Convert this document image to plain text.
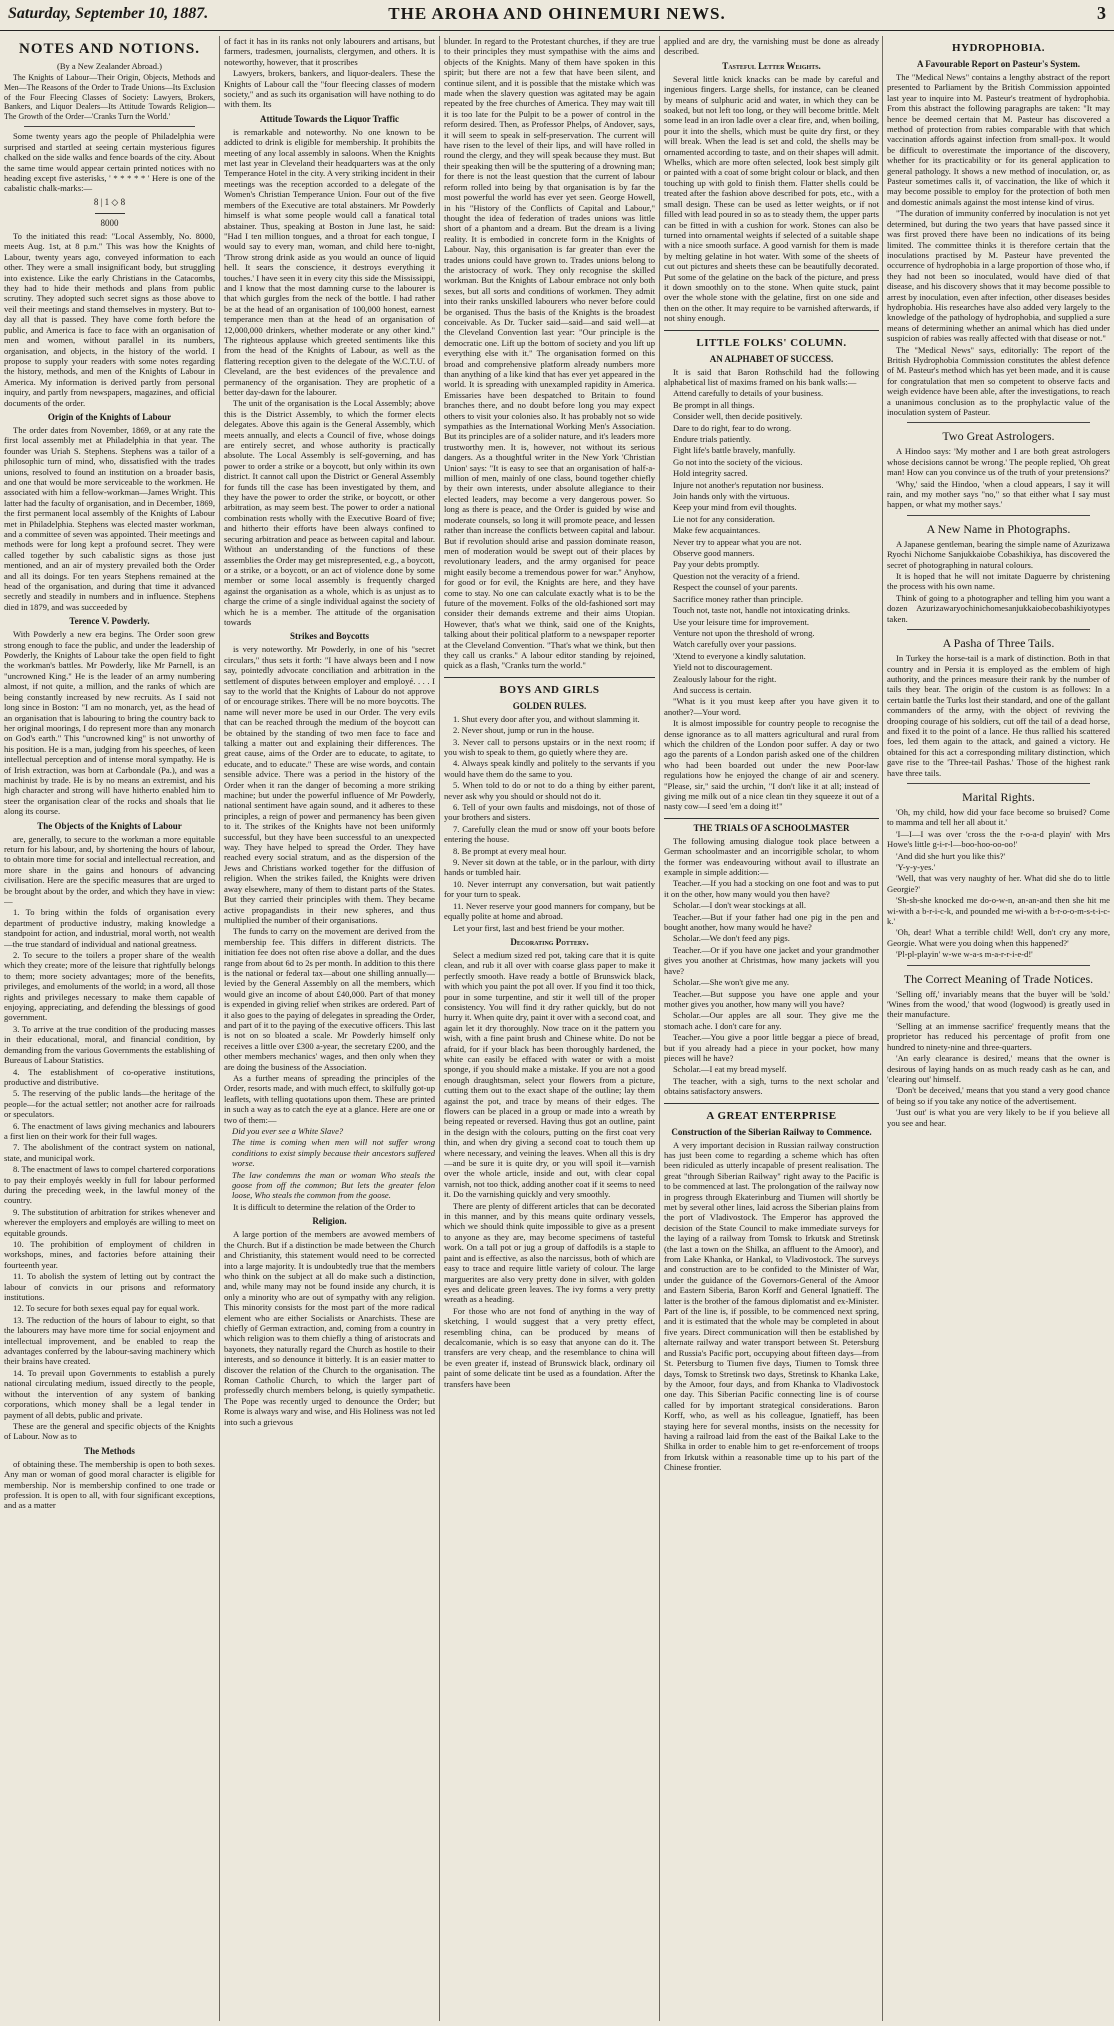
Saturday, September 10, 1887.	THE AROHA AND OHINEMURI NEWS.	3
NOTES AND NOTIONS.
(By a New Zealander Abroad.)
The Knights of Labour—Their Origin, Objects, Methods and Men—The Reasons of the Order to Trade Unions—Its Exclusion of the Four Fleecing Classes of Society: Lawyers, Brokers, Bankers, and Liquor Dealers—Its Attitude Towards Religion—The Growth of the Order—'Cranks Turn the World.'

Some twenty years ago the people of Philadelphia were surprised and startled at seeing certain mysterious figures chalked on the side walks and fence boards of the city. About the same time would appear certain printed notices with no heading except five asterisks, ' * * * * * ' Here is one of the cabalistic chalk-marks:—

8 | 1 ◇ 8
8000

To the initiated this read: "Local Assembly, No. 8000, meets Aug. 1st, at 8 p.m." This was how the Knights of Labour, twenty years ago, conveyed information to each other. They were a small insignificant body, but struggling into existence. Like the early Christians in the Catacombs, they had to hide their methods and plans from public scrutiny. They adopted such secret signs as those above to veil their meetings and stand themselves in mystery. But to-day all that is passed. They have come forth before the public, and America is face to face with an organisation of men and women, without parallel in its numbers, organisation, and objects, in the history of the world. I propose to supply your readers with some notes regarding the history, methods, and men of the Knights of Labour in America. My information is derived partly from personal inquiry, and partly from newspapers, magazines, and official documents of the order.

Origin of the Knights of Labour

The order dates from November, 1869, or at any rate the first local assembly met at Philadelphia in that year. The founder was Uriah S. Stephens. Stephens was a tailor of a philosophic turn of mind, who, dissatisfied with the trades unions, resolved to found an institution on a broader basis, and one that would be more serviceable to the workmen. He associated with him a fellow-workman—James Wright. This latter had the faculty of organisation, and in December, 1869, the first permanent local assembly of the Knights of Labour met in Philadelphia. Stephens was elected master workman, and a committee of seven was appointed. Their meetings and methods were for long kept a profound secret. They were called together by such cabalistic signs as those just mentioned, and an air of mystery prevailed both the Order and all its doings. For ten years Stephens remained at the head of the organisation, and during that time it advanced secretly and steadily in numbers and in influence. Stephens died in 1879, and was succeeded by

Terence V. Powderly.

With Powderly a new era begins. The Order soon grew strong enough to face the public, and under the leadership of Powderly, the Knights of Labour take the open field to fight the workman's battles. Mr Powderly, like Mr Parnell, is an "uncrowned King." He is the leader of an army numbering almost, if not quite, a million, and the ranks of which are being constantly increased by new recruits. As I said not long since in Boston: "I am no monarch, yet, as the head of an organisation that is labouring to bring the country back to her original moorings, I do represent more than any monarch on God's earth." This "uncrowned king" is not unworthy of his position. He is a man, judging from his speeches, of keen intellectual perception and of intense moral sympathy. He is of Irish extraction, was born at Carbondale (Pa.), and was a machinist by trade. He is by no means an extremist, and his high character and strong will have hitherto enabled him to steer the organisation clear of the rocks and shoals that lie along its course.

The Objects of the Knights of Labour

are, generally, to secure to the workman a more equitable return for his labour, and, by shortening the hours of labour, to obtain more time for social and intellectual recreation, and more share in the gains and honours of advancing civilisation. Here are the specific measures that are urged to be brought about by the order, and which they have in view:—

1. To bring within the folds of organisation every department of productive industry, making knowledge a standpoint for action, and industrial, moral worth, not wealth—the true standard of individual and national greatness.
2. To secure to the toilers a proper share of the wealth which they create; more of the leisure that rightfully belongs to them; more society advantages; more of the benefits, privileges, and emoluments of the world; in a word, all those rights and privileges necessary to make them capable of enjoying, appreciating, and defending the blessings of good government.
3. To arrive at the true condition of the producing masses in their educational, moral, and financial condition, by demanding from the various Governments the establishing of Bureaus of Labour Statistics.
4. The establishment of co-operative institutions, productive and distributive.
5. The reserving of the public lands—the heritage of the people—for the actual settler; not another acre for railroads or speculators.
6. The enactment of laws giving mechanics and labourers a first lien on their work for their full wages.
7. The abolishment of the contract system on national, state, and municipal work.
8. The enactment of laws to compel chartered corporations to pay their employés weekly in full for labour performed during the preceding week, in the lawful money of the country.
9. The substitution of arbitration for strikes whenever and wherever the employers and employés are willing to meet on equitable grounds.
10. The prohibition of employment of children in workshops, mines, and factories before attaining their fourteenth year.
11. To abolish the system of letting out by contract the labour of convicts in our prisons and reformatory institutions.
12. To secure for both sexes equal pay for equal work.
13. The reduction of the hours of labour to eight, so that the labourers may have more time for social enjoyment and intellectual improvement, and be enabled to reap the advantages conferred by the labour-saving machinery which their brains have created.
14. To prevail upon Governments to establish a purely national circulating medium, issued directly to the people, without the intervention of any system of banking corporations, which money shall be a legal tender in payment of all debts, public and private.

These are the general and specific objects of the Knights of Labour. Now as to

The Methods

of obtaining these. The membership is open to both sexes. Any man or woman of good moral character is eligible for membership. Nor is membership confined to one trade or profession. It is open to all, with four significant exceptions, and as a matter

of fact it has in its ranks not only labourers and artisans, but farmers, tradesmen, journalists, clergymen, and others. It is noteworthy, however, that it proscribes

Lawyers, brokers, bankers, and liquor-dealers. These the Knights of Labour call the "four fleecing classes of modern society," and as such its organisation will have nothing to do with them. Its

Attitude Towards the Liquor Traffic

is remarkable and noteworthy. No one known to be addicted to drink is eligible for membership. It prohibits the meeting of any local assembly in saloons. When the Knights met last year in Cleveland their headquarters was at the only Temperance Hotel in the city. A very striking incident in their meetings was the reception accorded to a delegate of the Women's Christian Temperance Union. Four out of the five members of the Executive are total abstainers. Mr Powderly himself is what some people would call a fanatical total abstainer. Thus, speaking at Boston in June last, he said: "Had I ten million tongues, and a throat for each tongue, I would say to every man, woman, and child here to-night, 'Throw strong drink aside as you would an ounce of liquid hell. It sears the conscience, it destroys everything it touches.' I have seen it in every city this side the Mississippi, and I know that the most damning curse to the labourer is that which gurgles from the neck of the bottle. I had rather be at the head of an organisation of 100,000 honest, earnest temperance men than at the head of an organisation of 12,000,000 drinkers, whether moderate or any other kind." The righteous applause which greeted sentiments like this from the head of the Knights of Labour, as well as the flattering reception given to the delegate of the W.C.T.U. of Cleveland, are the best evidences of the prevalence and permanency of the organisation. They are prophetic of a better day-dawn for the labourer.

The unit of the organisation is the Local Assembly; above this is the District Assembly, to which the former elects delegates. Above this again is the General Assembly, which meets annually, and elects a Council of five, whose doings are entirely secret, and whose authority is practically absolute. The Local Assembly is self-governing, and has power to order a strike or a boycott, but only within its own district. It cannot call upon the District or General Assembly for funds till the case has been investigated by them, and they have the power to order the strike, or boycott, or other arbitration, as may seem best. The power to order a national combination rests wholly with the Executive Board of five; and hitherto their efforts have been always confined to securing arbitration and peace as between capital and labour. Without an understanding of the functions of these assemblies the Order may get misrepresented, e.g., a boycott, or a strike, or a boycott, or an act of violence done by some member or some local assembly is frequently charged against the organisation as a whole, which is as unjust as to charge the crime of a single individual against the society of which he is a member. The attitude of the organisation towards

Strikes and Boycotts

is very noteworthy. Mr Powderly, in one of his "secret circulars," thus sets it forth: "I have always been and I now say, pointedly advocate conciliation and arbitration in the settlement of disputes between employer and employé. . . . I say to the world that the Knights of Labour do not approve of or encourage strikes. There will be no more boycotts. The name will never more be used in our Order. The very evils that can be reached through the medium of the boycott can be obtained by the standing of two men face to face and talking a matter out and explaining their differences. The great cause, aims of the Order are to educate, to agitate, to educate, and to educate." These are wise words, and contain sensible advice. There was a period in the history of the Order when it ran the danger of becoming a more striking machine; but under the powerful influence of Mr Powderly, national sentiment have again sound, and it adheres to these principles, a reign of power and permanency has been given to it. The strikes of the Knights have not been uniformly successful, but they have been successful to an unexpected way. They have helped to spread the Order. They have reached every social stratum, and as the dispersion of the Jews and Christians worked together for the diffusion of religion. When the strikes failed, the Knights were driven away elsewhere, many of them to distant parts of the States. But they carried their principles with them. They became active propagandists in their new spheres, and thus multiplied the number of their organisations.

The funds to carry on the movement are derived from the membership fee. This differs in different districts. The initiation fee does not often rise above a dollar, and the dues range from about 6d to 2s per month. In addition to this there is the national or federal tax—about one shilling annually—levied by the General Assembly on all the members, which would give an income of about £40,000. Part of that money is expended in giving relief when strikes are ordered. Part of it also goes to the paying of delegates in spreading the Order, and part of it to the paying of the executive officers. This last is not on so bloated a scale. Mr Powderly himself only receives a little over £300 a-year, the secretary £200, and the other members mechanics' wages, and then only when they are doing the business of the Association.

As a further means of spreading the principles of the Order, resorts made, and with much effect, to skilfully got-up leaflets, with telling quotations upon them. These are printed in such a way as to catch the eye at a glance. Here are one or two of them:—

Did you ever see a White Slave?

The time is coming when men will not suffer wrong conditions to exist simply because their ancestors suffered worse.

The law condemns the man or woman Who steals the goose from off the common; But lets the greater felon loose, Who steals the common from the goose.

It is difficult to determine the relation of the Order to

Religion.

A large portion of the members are avowed members of the Church. But if a distinction be made between the Church and Christianity, this statement would need to be corrected into a large majority. It is undoubtedly true that the members who think on the subject at all do make such a distinction, and, while many may not be found inside any church, it is only a minority who are out of sympathy with any religion. This minority consists for the most part of the more radical element who are either Socialists or Anarchists. These are chiefly of German extraction, and, coming from a country in which religion was to them chiefly a thing of aristocrats and bayonets, they naturally regard the Church as hostile to their interests, and so denounce it bitterly. It is an easier matter to discover the relation of the Church to the organisation. The Roman Catholic Church, to which the larger part of professedly church members belong, is quietly sympathetic. The Pope was recently urged to denounce the Order; but Rome is always wary and wise, and His Holiness was not led into such a grievous

blunder. In regard to the Protestant churches, if they are true to their principles they must sympathise with the aims and objects of the Knights. Many of them have spoken in this spirit; but there are not a few that have been silent, and continue silent, and it is possible that the mistake which was made when the slavery question was agitated may be again repeated by the free churches of America. They may wait till it is too late for the Pulpit to be a power of control in the reform desired. Then, as Professor Phelps, of Andover, says, it will seem to speak in self-preservation. The current will have risen to the level of their lips, and will have rolled in round the clergy, and they will speak because they must. But their speaking then will be the sputtering of a drowning man; for there is not the least question that the current of labour reform rolled into being by that organisation is by far the most powerful the world has ever yet seen. George Howell, in his "History of the Conflicts of Capital and Labour," thought the idea of federation of trades unions was little short of a phantom and a dream. But the dream is a living reality. It is embodied in concrete form in the Knights of Labour. Nay, this organisation is far greater than ever the trades unions could have grown to. Trades unions belong to the aristocracy of work. They only recognise the skilled workman. But the Knights of Labour embrace not only both sexes, but all sorts and conditions of workmen. They admit into their ranks unskilled labourers who never before could be organised. Thus the basis of the Knights is the broadest conceivable. As Dr. Tucker said—said—and said well—at the Cleveland Convention last year: "Our principle is the democratic one. Lift up the bottom of society and you lift up everything else with it." The organisation formed on this broad and comprehensive platform already numbers more than anything of a like kind that has ever yet appeared in the world. It is spreading with unexampled rapidity in America. Emissaries have been despatched to Britain to found branches there, and no doubt before long you may expect others to visit your colonies also. It has probably not so wide sympathies as the International Working Men's Association. But its principles are of a solider nature, and it's leaders more trustworthy men. It is, however, not without its serious dangers. As a thoughtful writer in the New York 'Christian Union' says: "It is easy to see that an organisation of half-a-million of men, mainly of one class, bound together chiefly by their own interests, under absolute allegiance to their elected leaders, may become a very dangerous power. So long as there is peace, and the Order is guided by wise and moderate counsels, so long it will promote peace, and lessen rather than increase the conflicts between capital and labour. But if revolution should arise and passion dominate reason, men of moderation would be swept out of their places by revolutionary leaders, and the army organised for peace might easily become a tremendous power for war." Anyhow, for good or for evil, the Knights are here, and they have come to stay. No one can calculate exactly what is to be the future of the movement. Folks of the old-fashioned sort may consider their demands extreme and their aims Utopian. However, that's what we think, said one of the Knights, talking about their political platform to a newspaper reporter at the Cleveland Convention. "That's what we think, but then they call us cranks." A labour editor standing by rejoined, quick as a flash, "Cranks turn the world."

BOYS AND GIRLS
GOLDEN RULES.
1. Shut every door after you, and without slamming it.
2. Never shout, jump or run in the house.
3. Never call to persons upstairs or in the next room; if you wish to speak to them, go quietly where they are.
4. Always speak kindly and politely to the servants if you would have them do the same to you.
5. When told to do or not to do a thing by either parent, never ask why you should or should not do it.
6. Tell of your own faults and misdoings, not of those of your brothers and sisters.
7. Carefully clean the mud or snow off your boots before entering the house.
8. Be prompt at every meal hour.
9. Never sit down at the table, or in the parlour, with dirty hands or tumbled hair.
10. Never interrupt any conversation, but wait patiently for your turn to speak.
11. Never reserve your good manners for company, but be equally polite at home and abroad.
Let your first, last and best friend be your mother.
Decorating Pottery.

Select a medium sized red pot, taking care that it is quite clean, and rub it all over with coarse glass paper to make it perfectly smooth. Have ready a bottle of Brunswick black, with which you paint the pot all over. If you find it too thick, pour in some turpentine, and stir it well till of the proper consistency. You will find it dry rather quickly, but do not hurry it. When quite dry, paint it over with a second coat, and again let it dry thoroughly. Now trace on it the pattern you wish, with a fine paint brush and Chinese white. Do not be afraid, for if your black has been thoroughly hardened, the white can easily be effaced with water or with a moist sponge, if you should make a mistake. If you are not a good enough draughtsman, select your flowers from a picture, cutting them out to the exact shape of the outline; lay them against the pot, and trace by means of their edges. The flowers can be placed in a group or made into a wreath by being repeated or reversed. Having thus got an outline, paint in the design with the colours, putting on the first coat very thin, and when dry giving a second coat to touch them up where necessary, and veining the leaves. When all this is dry—and be sure it is quite dry, or you will spoil it—varnish over the whole article, inside and out, with clear copal varnish, not too thick, adding another coat if it seems to need it. Do the varnishing quickly and very smoothly.

There are plenty of different articles that can be decorated in this manner, and by this means quite ordinary vessels, which we should think quite impossible to give as a present to anyone as they are, may become specimens of tasteful work. On a tall pot or jug a group of daffodils is a staple to paint and is effective, as also the narcissus, both of which are easy to trace and require little variety of colour. The large marguerites are also very pretty done in silver, with golden eyes and delicate green leaves. The ivy forms a very pretty wreath as a heading.

For those who are not fond of anything in the way of sketching, I would suggest that a very pretty effect, resembling china, can be produced by means of decalcomanie, which is so easy that anyone can do it. The transfers are very cheap, and the resemblance to china will be even greater if, instead of Brunswick black, ordinary oil paint of some delicate tint be used as a foundation. After the transfers have been

applied and are dry, the varnishing must be done as already described.

Tasteful Letter Weights.

Several little knick knacks can be made by careful and ingenious fingers. Large shells, for instance, can be cleaned by means of sulphuric acid and water, in which they can be soaked, but not left too long, or they will become brittle. Melt some lead in an iron ladle over a clear fire, and, when boiling, pour it into the shells, which must be quite dry first, or they will break. When the lead is set and cold, the shells may be ornamented according to taste, and on their shapes will admit. Whelks, which are more often selected, look best simply gilt or painted with a coat of some bright colour or black, and then touching up with gold to finish them. Flatter shells could be treated after the fashion above described for pots, etc., with a small design. These can be used as letter weights, or if not filled with lead poured in so as to steady them, the upper parts can be fitted in with a cushion for work. Stones can also be turned into ornamental weights if selected of a suitable shape with a nice smooth surface. A good varnish for them is made by melting gelatine in hot water. With some of the sheets of cut out pictures and sheets these can be beautifully decorated. Put some of the gelatine on the back of the picture, and press it down smoothly on to the stone. When quite stuck, paint over the whole stone with the gelatine, first on one side and then on the other. It may require to be varnished afterwards, if not shiny enough.

LITTLE FOLKS' COLUMN.
AN ALPHABET OF SUCCESS.

It is said that Baron Rothschild had the following alphabetical list of maxims framed on his bank walls:—

Attend carefully to details of your business.
Be prompt in all things.
Consider well, then decide positively.
Dare to do right, fear to do wrong.
Endure trials patiently.
Fight life's battle bravely, manfully.
Go not into the society of the vicious.
Hold integrity sacred.
Injure not another's reputation nor business.
Join hands only with the virtuous.
Keep your mind from evil thoughts.
Lie not for any consideration.
Make few acquaintances.
Never try to appear what you are not.
Observe good manners.
Pay your debts promptly.
Question not the veracity of a friend.
Respect the counsel of your parents.
Sacrifice money rather than principle.
Touch not, taste not, handle not intoxicating drinks.
Use your leisure time for improvement.
Venture not upon the threshold of wrong.
Watch carefully over your passions.
'Xtend to everyone a kindly salutation.
Yield not to discouragement.
Zealously labour for the right.
And success is certain.

"What is it you must keep after you have given it to another?—Your word.

It is almost impossible for country people to recognise the dense ignorance as to all matters agricultural and rural from which the children of the London poor suffer. A day or two ago the parents of a London parish asked one of the children who had been boarded out under the new Poor-law regulations how he enjoyed the change of air and scenery. "Please, sir," said the urchin, "I don't like it at all; instead of giving me milk out of a nice clean tin they squeeze it out of a nasty cow—I seed 'em a doing it!"

THE TRIALS OF A SCHOOLMASTER

The following amusing dialogue took place between a German schoolmaster and an incorrigible scholar, to whom the former was endeavouring without avail to illustrate an example in simple addition:—

Teacher.—If you had a stocking on one foot and was to put it on the other, how many would you then have?
Scholar.—I don't wear stockings at all.
Teacher.—But if your father had one pig in the pen and bought another, how many would he have?
Scholar.—We don't feed any pigs.
Teacher.—Or if you have one jacket and your grandmother gives you another at Christmas, how many jackets will you have?
Scholar.—She won't give me any.
Teacher.—But suppose you have one apple and your mother gives you another, how many will you have?
Scholar.—Our apples are all sour. They give me the stomach ache. I don't care for any.
Teacher.—You give a poor little beggar a piece of bread, but if you already had a piece in your pocket, how many pieces will he have?
Scholar.—I eat my bread myself.

The teacher, with a sigh, turns to the next scholar and obtains satisfactory answers.

A GREAT ENTERPRISE
Construction of the Siberian Railway to Commence.

A very important decision in Russian railway construction has just been come to regarding a scheme which has often been ridiculed as utterly incapable of present realisation. The great "through Siberian Railway" right away to the Pacific is to be commenced at last. The prolongation of the railway now in progress through Ekaterinburg and Tiumen will shortly be met by several other lines, laid across the Siberian plains from the port of Vladivostock. The Emperor has approved the decision of the State Council to make immediate surveys for the laying of a railway from Tomsk to Irkutsk and Stretinsk (the last a town on the Shilka, an affluent to the Amoor), and from Lake Khanka, or Hankal, to Vladivostock. The surveys and construction are to be confided to the Minister of War, under the guidance of the Governors-General of the Amoor and Eastern Siberia, Baron Korff and General Ignatieff. The latter is the brother of the famous diplomatist and ex-Minister. Part of the line is, if possible, to be commenced next spring, and it is estimated that the whole may be completed in about five years. Direct communication will then be established by alternate railway and water transport between St. Petersburg and Russia's Pacific port, occupying about fifteen days—from St. Petersburg to Tiumen five days, Tiumen to Tomsk three days, Tomsk to Stretinsk two days, Stretinsk to Khanka Lake, by the Amoor, four days, and from Khanka to Vladivostock one day. This Siberian Pacific connecting line is of course called for by important strategical considerations. Baron Korff, who, as well as his colleague, Ignatieff, has been staying here for several months, insists on the necessity for having a railroad laid from the east of the Baikal Lake to the Shilka in order to enable him to get re-enforcement of troops from Irkutsk within a reasonable time up to his part of the Chinese frontier.

HYDROPHOBIA.
A Favourable Report on Pasteur's System.

The "Medical News" contains a lengthy abstract of the report presented to Parliament by the British Commission appointed last year to inquire into M. Pasteur's treatment of hydrophobia. From this abstract the following paragraphs are taken: "It may hence be deemed certain that M. Pasteur has discovered a method of protection from rabies comparable with that which vaccination affords against infection from small-pox. It would be difficult to overestimate the importance of the discovery, whether for its practicability or for its general application to general pathology. It shows a new method of inoculation, or, as Pasteur sometimes calls it, of vaccination, the like of which it may become possible to employ for the protection of both men and domestic animals against the most intense kind of virus.

"The duration of immunity conferred by inoculation is not yet determined, but during the two years that have passed since it was first proved there have been no indications of its being limited. The committee thinks it is therefore certain that the inoculations practised by M. Pasteur have prevented the occurrence of hydrophobia in a large proportion of those who, if they had not been so inoculated, would have died of that disease, and his discovery shows that it may become possible to arrest by inoculation, even after infection, other diseases besides hydrophobia. His researches have also added very largely to the knowledge of the pathology of hydrophobia, and supplied a sure means of determining whether an animal which has died under suspicion of rabies was really affected with that disease or not."

The "Medical News" says, editorially: The report of the British Hydrophobia Commission constitutes the ablest defence of M. Pasteur's method which has yet been made, and it is cause for congratulation that men so competent to observe facts and weigh evidence have been able, after the investigations, to reach a unanimous conclusion as to the prophylactic value of the inoculation system of Pasteur.

Two Great Astrologers.

A Hindoo says: 'My mother and I are both great astrologers whose decisions cannot be wrong.' The people replied, 'Oh great man! How can you convince us of the truth of your pretensions?'

'Why,' said the Hindoo, 'when a cloud appears, I say it will rain, and my mother says "no," so that either what I say must happen, or what my mother says.'

A New Name in Photographs.

A Japanese gentleman, bearing the simple name of Azurizawa Ryochi Nichome Sanjukkaiobe Cobashikiya, has discovered the secret of photographing in natural colours.

It is hoped that he will not imitate Daguerre by christening the process with his own name.

Think of going to a photographer and telling him you want a dozen Azurizawaryochinichomesanjukkaiobecobashikiyotypes taken.

A Pasha of Three Tails.

In Turkey the horse-tail is a mark of distinction. Both in that country and in Persia it is employed as the emblem of high authority, and the princes measure their rank by the number of tails they bear. The origin of the custom is as follows: In a certain battle the Turks lost their standard, and one of the gallant commanders of the army, with the object of reviving the drooping courage of his soldiers, cut off the tail of a dead horse, and fixed it to the point of a lance. He thus rallied his scattered foes, led them again to the attack, and gained a victory. He obtained for this act a corresponding military distinction, which gave rise to the 'Three-tail Pashas.' Those of the highest rank have three tails.

Marital Rights.

'Oh, my child, how did your face become so bruised? Come to mamma and tell her all about it.'

'I—I—I was over 'cross the the r-o-a-d playin' with Mrs Howe's little g-i-r-l—boo-hoo-oo-oo!'

'And did she hurt you like this?'

'Y-y-y-yes.'

'Well, that was very naughty of her. What did she do to little Georgie?'

'Sh-sh-she knocked me do-o-w-n, an-an-and then she hit me wi-with a b-r-i-c-k, and pounded me wi-with a b-r-o-o-m-s-t-i-c-k.'

'Oh, dear! What a terrible child! Well, don't cry any more, Georgie. What were you doing when this happened?'

'Pl-pl-playin' w-we w-a-s m-a-r-r-i-e-d!'

The Correct Meaning of Trade Notices.

'Selling off,' invariably means that the buyer will be 'sold.' 'Wines from the wood,' that wood (logwood) is greatly used in their manufacture.

'Selling at an immense sacrifice' frequently means that the proprietor has reduced his percentage of profit from one hundred to ninety-nine and three-quarters.

'An early clearance is desired,' means that the owner is desirous of laying hands on as much ready cash as he can, and 'clearing out' himself.

'Don't be deceived,' means that you stand a very good chance of being so if you take any notice of the advertisement.

'Just out' is what you are very likely to be if you believe all you see and hear.
